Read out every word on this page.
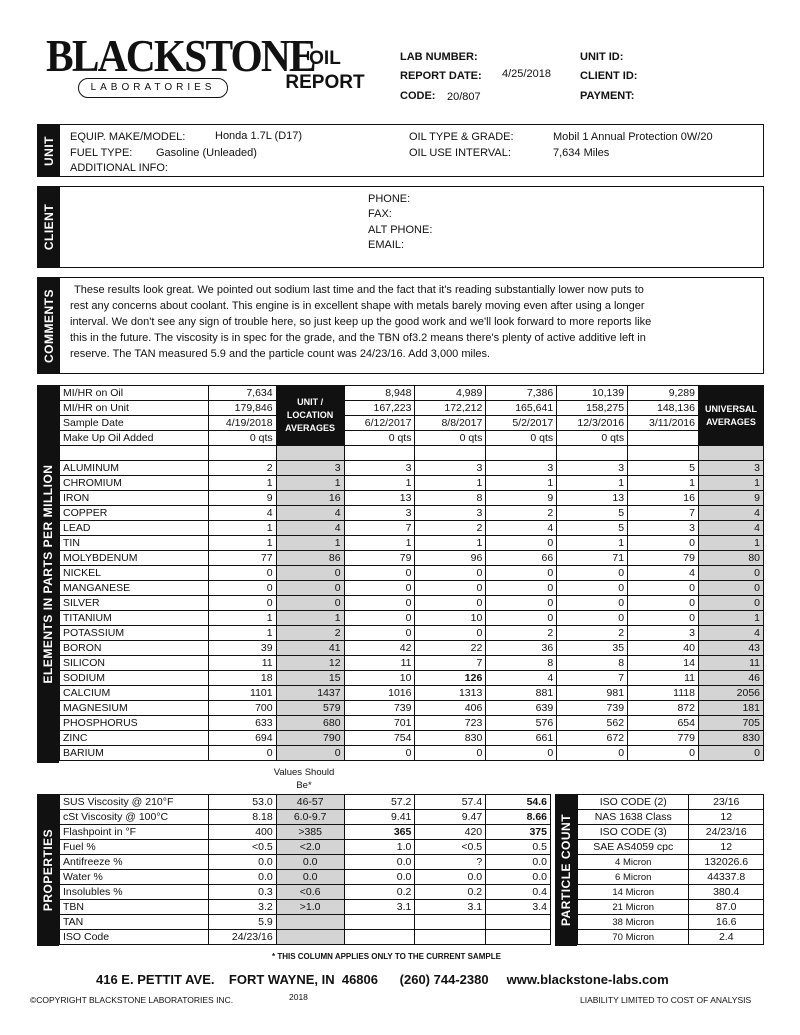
BLACKSTONE
LABORATORIES
OIL REPORT
LAB NUMBER:
REPORT DATE: 4/25/2018
CODE: 20/807
UNIT ID:
CLIENT ID:
PAYMENT:
UNIT EQUIP. MAKE/MODEL:	Honda 1.7L (D17)
FUEL TYPE: Gasoline (Unleaded)
ADDITIONAL INFO:
OIL TYPE & GRADE:	Mobil 1 Annual Protection 0W/20
OIL USE INTERVAL:	7,634 Miles
CLIENT
PHONE:
FAX:
ALT PHONE:
EMAIL:
COMMENTS These results look great. We pointed out sodium last time and the fact that it's reading substantially lower now puts to
rest any concerns about coolant. This engine is in excellent shape with metals barely moving even after using a longer
interval. We don't see any sign of trouble here, so just keep up the good work and we'll look forward to more reports like
this in the future. The viscosity is in spec for the grade, and the TBN of3.2 means there's plenty of active additive left in
reserve. The TAN measured 5.9 and the particle count was 24/23/16. Add 3,000 miles.
ELEMENTS IN PARTS PER MILLION
MI/HR on Oil	7,634	UNIT / LOCATION AVERAGES	8,948	4,989	7,386	10,139	9,289	UNIVERSAL AVERAGES
MI/HR on Unit	179,846		167,223	172,212	165,641	158,275	148,136	
Sample Date	4/19/2018		6/12/2017	8/8/2017	5/2/2017	12/3/2016	3/11/2016	
Make Up Oil Added	0 qts		0 qts	0 qts	0 qts	0 qts		

ALUMINUM	2	3	3	3	3	3	5	3
CHROMIUM	1	1	1	1	1	1	1	1
IRON	9	16	13	8	9	13	16	9
COPPER	4	4	3	3	2	5	7	4
LEAD	1	4	7	2	4	5	3	4
TIN	1	1	1	1	0	1	0	1
MOLYBDENUM	77	86	79	96	66	71	79	80
NICKEL	0	0	0	0	0	0	4	0
MANGANESE	0	0	0	0	0	0	0	0
SILVER	0	0	0	0	0	0	0	0
TITANIUM	1	1	0	10	0	0	0	1
POTASSIUM	1	2	0	0	2	2	3	4
BORON	39	41	42	22	36	35	40	43
SILICON	11	12	11	7	8	8	14	11
SODIUM	18	15	10	126	4	7	11	46
CALCIUM	1101	1437	1016	1313	881	981	1118	2056
MAGNESIUM	700	579	739	406	639	739	872	181
PHOSPHORUS	633	680	701	723	576	562	654	705
ZINC	694	790	754	830	661	672	779	830
BARIUM	0	0	0	0	0	0	0	0
Values Should Be*
PROPERTIES
SUS Viscosity @ 210°F	53.0	46-57	57.2	57.4	54.6
cSt Viscosity @ 100°C	8.18	6.0-9.7	9.41	9.47	8.66
Flashpoint in °F	400	>385	365	420	375
Fuel %	<0.5	<2.0	1.0	<0.5	0.5
Antifreeze %	0.0	0.0	0.0	?	0.0
Water %	0.0	0.0	0.0	0.0	0.0
Insolubles %	0.3	<0.6	0.2	0.2	0.4
TBN	3.2	>1.0	3.1	3.1	3.4
TAN	5.9				
ISO Code	24/23/16				
PARTICLE COUNT
ISO CODE (2)	23/16
NAS 1638 Class	12
ISO CODE (3)	24/23/16
SAE AS4059 cpc	12
4 Micron	132026.6
6 Micron	44337.8
14 Micron	380.4
21 Micron	87.0
38 Micron	16.6
70 Micron	2.4
* THIS COLUMN APPLIES ONLY TO THE CURRENT SAMPLE
416 E. PETTIT AVE.    FORT WAYNE, IN  46806      (260) 744-2380     www.blackstone-labs.com
©COPYRIGHT BLACKSTONE LABORATORIES INC.	2018	LIABILITY LIMITED TO COST OF ANALYSIS
